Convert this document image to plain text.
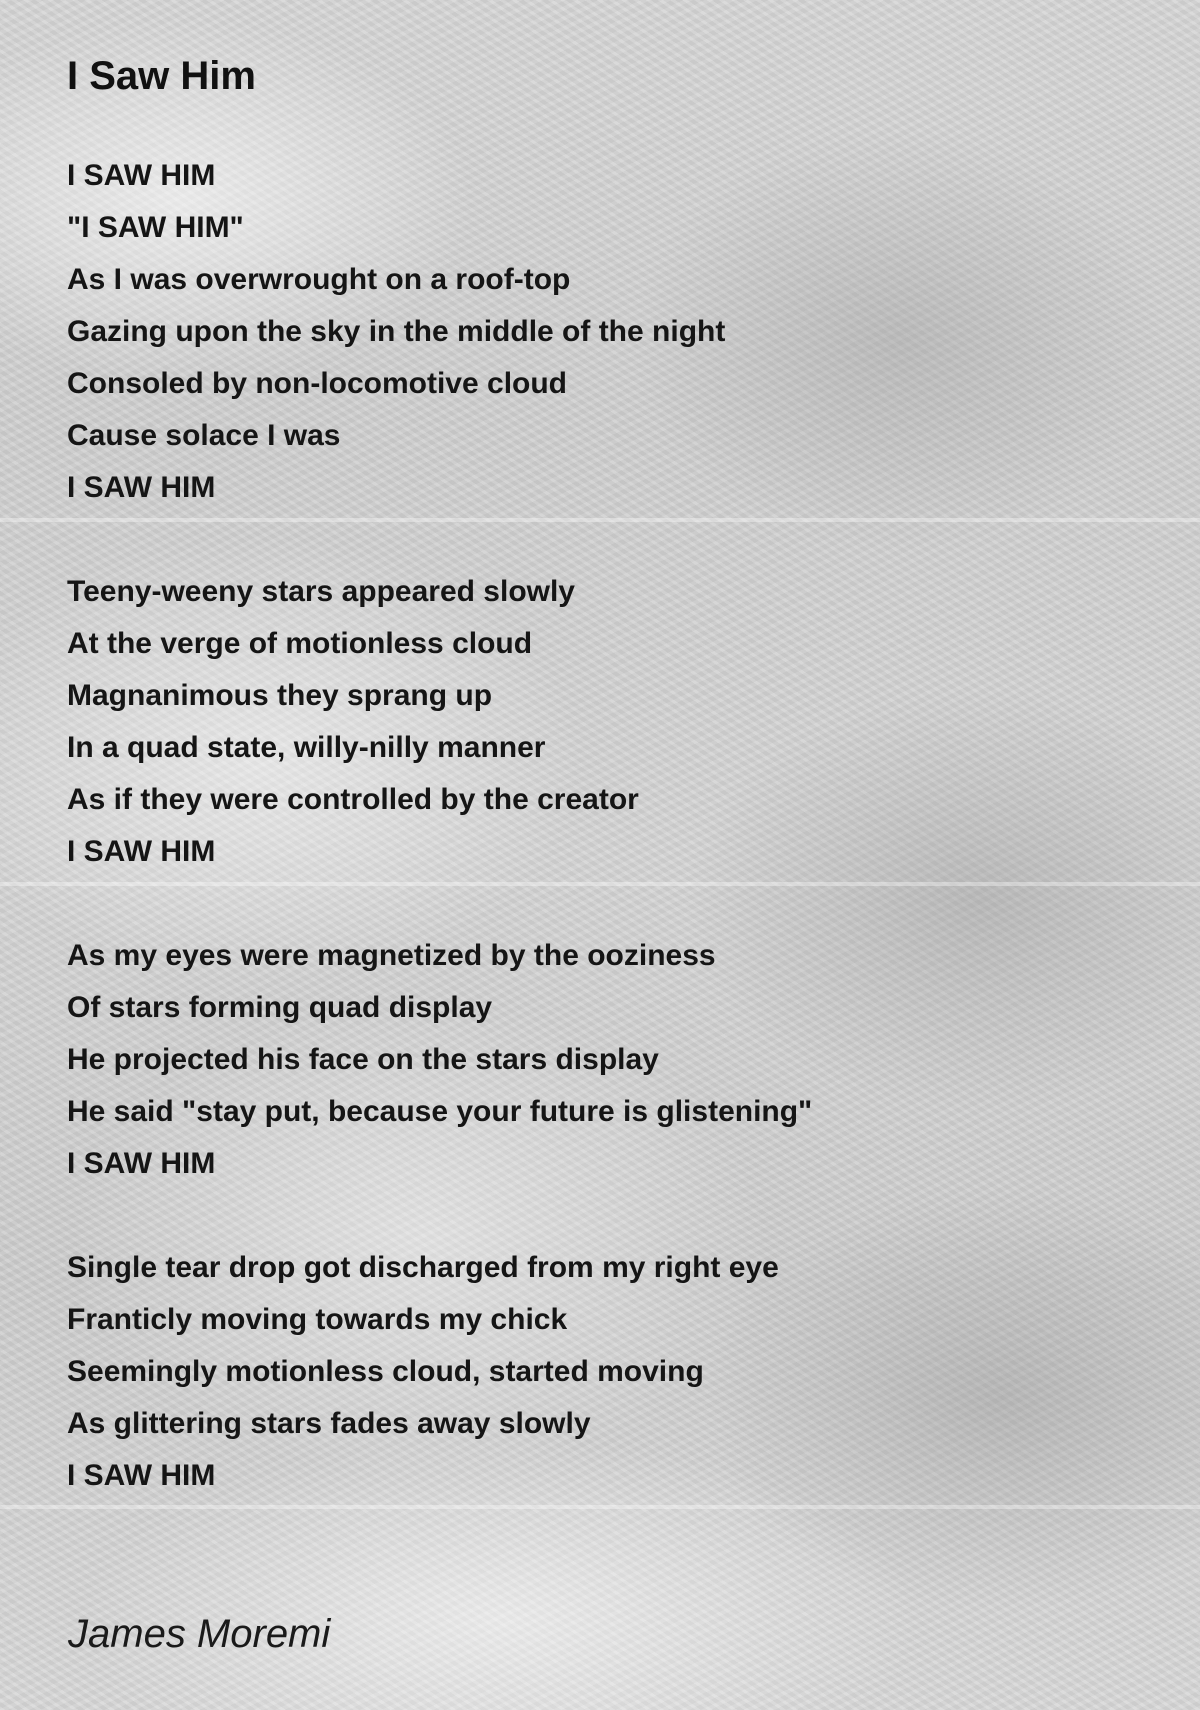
I Saw Him
I SAW HIM
"I SAW HIM"
As I was overwrought on a roof-top
Gazing upon the sky in the middle of the night
Consoled by non-locomotive cloud
Cause solace I was
I SAW HIM
Teeny-weeny stars appeared slowly
At the verge of motionless cloud
Magnanimous they sprang up
In a quad state, willy-nilly manner
As if they were controlled by the creator
I SAW HIM
As my eyes were magnetized by the ooziness
Of stars forming quad display
He projected his face on the stars display
He said "stay put, because your future is glistening"
I SAW HIM
Single tear drop got discharged from my right eye
Franticly moving towards my chick
Seemingly motionless cloud, started moving
As glittering stars fades away slowly
I SAW HIM
James Moremi
